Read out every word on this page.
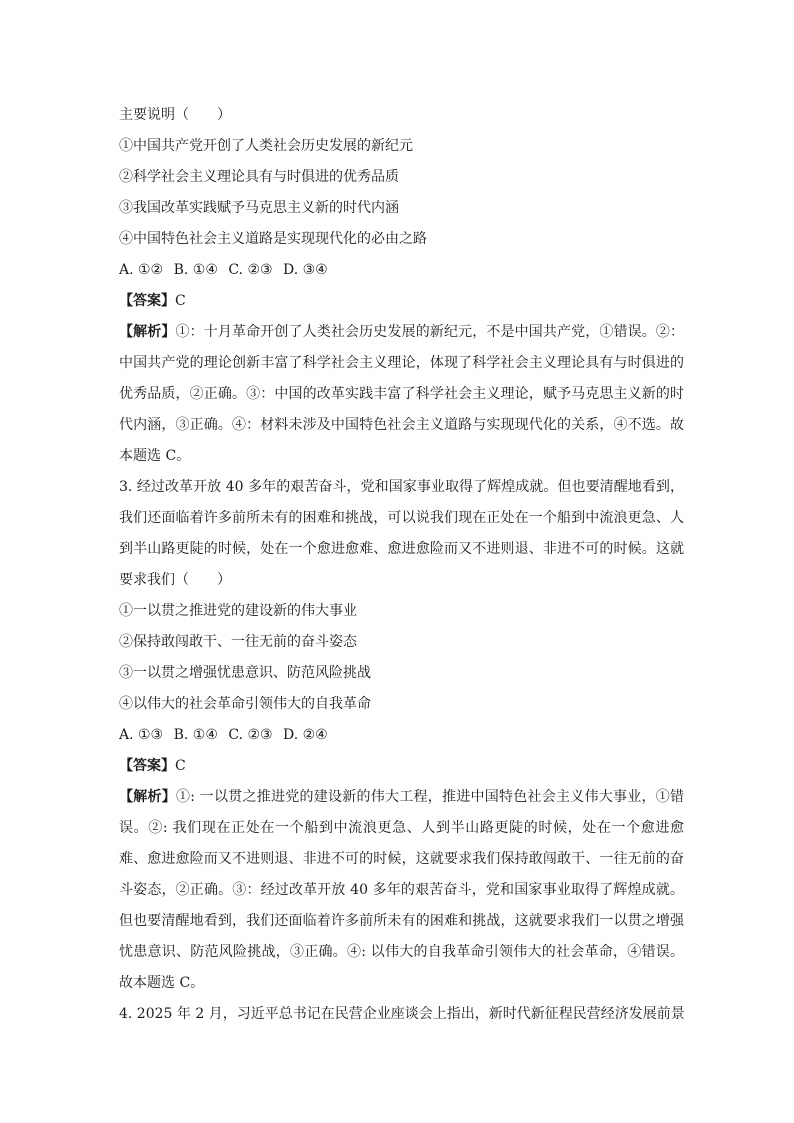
主要说明（　　）
①中国共产党开创了人类社会历史发展的新纪元
②科学社会主义理论具有与时俱进的优秀品质
③我国改革实践赋予马克思主义新的时代内涵
④中国特色社会主义道路是实现现代化的必由之路
A. ①② B. ①④ C. ②③ D. ③④
【答案】C
【解析】①：十月革命开创了人类社会历史发展的新纪元，不是中国共产党，①错误。②：中国共产党的理论创新丰富了科学社会主义理论，体现了科学社会主义理论具有与时俱进的优秀品质，②正确。③：中国的改革实践丰富了科学社会主义理论，赋予马克思主义新的时代内涵，③正确。④：材料未涉及中国特色社会主义道路与实现现代化的关系，④不选。故本题选 C。
3. 经过改革开放 40 多年的艰苦奋斗，党和国家事业取得了辉煌成就。但也要清醒地看到，我们还面临着许多前所未有的困难和挑战，可以说我们现在正处在一个船到中流浪更急、人到半山路更陡的时候，处在一个愈进愈难、愈进愈险而又不进则退、非进不可的时候。这就要求我们（　　）
①一以贯之推进党的建设新的伟大事业
②保持敢闯敢干、一往无前的奋斗姿态
③一以贯之增强忧患意识、防范风险挑战
④以伟大的社会革命引领伟大的自我革命
A. ①③ B. ①④ C. ②③ D. ②④
【答案】C
【解析】①: 一以贯之推进党的建设新的伟大工程，推进中国特色社会主义伟大事业，①错误。②: 我们现在正处在一个船到中流浪更急、人到半山路更陡的时候，处在一个愈进愈难、愈进愈险而又不进则退、非进不可的时候，这就要求我们保持敢闯敢干、一往无前的奋斗姿态，②正确。③：经过改革开放 40 多年的艰苦奋斗，党和国家事业取得了辉煌成就。但也要清醒地看到，我们还面临着许多前所未有的困难和挑战，这就要求我们一以贯之增强忧患意识、防范风险挑战，③正确。④: 以伟大的自我革命引领伟大的社会革命，④错误。故本题选 C。
4. 2025 年 2 月，习近平总书记在民营企业座谈会上指出，新时代新征程民营经济发展前景
